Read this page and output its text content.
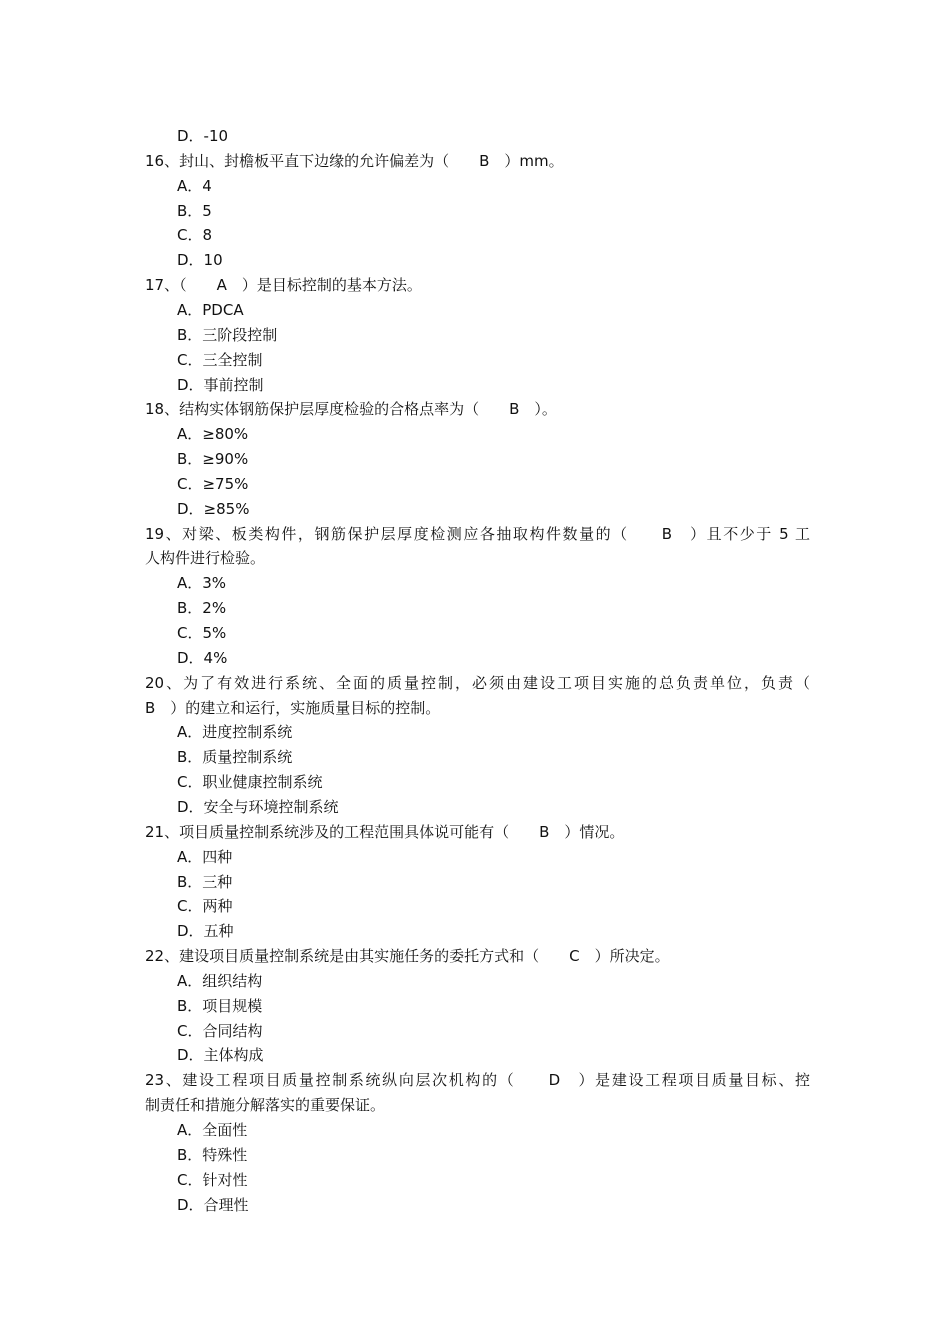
D．-10
16、封山、封檐板平直下边缘的允许偏差为（　　B　）mm。
A．4
B．5
C．8
D．10
17、（　　A　）是目标控制的基本方法。
A．PDCA
B．三阶段控制
C．三全控制
D．事前控制
18、结构实体钢筋保护层厚度检验的合格点率为（　　B　）。
A．≥80%
B．≥90%
C．≥75%
D．≥85%
19、对梁、板类构件，钢筋保护层厚度检测应各抽取构件数量的（　　B　）且不少于 5 工
人构件进行检验。
A．3%
B．2%
C．5%
D．4%
20、为了有效进行系统、全面的质量控制，必须由建设工项目实施的总负责单位，负责（
B　）的建立和运行，实施质量目标的控制。
A．进度控制系统
B．质量控制系统
C．职业健康控制系统
D．安全与环境控制系统
21、项目质量控制系统涉及的工程范围具体说可能有（　　B　）情况。
A．四种
B．三种
C．两种
D．五种
22、建设项目质量控制系统是由其实施任务的委托方式和（　　C　）所决定。
A．组织结构
B．项目规模
C．合同结构
D．主体构成
23、建设工程项目质量控制系统纵向层次机构的（　　D　）是建设工程项目质量目标、控
制责任和措施分解落实的重要保证。
A．全面性
B．特殊性
C．针对性
D．合理性
